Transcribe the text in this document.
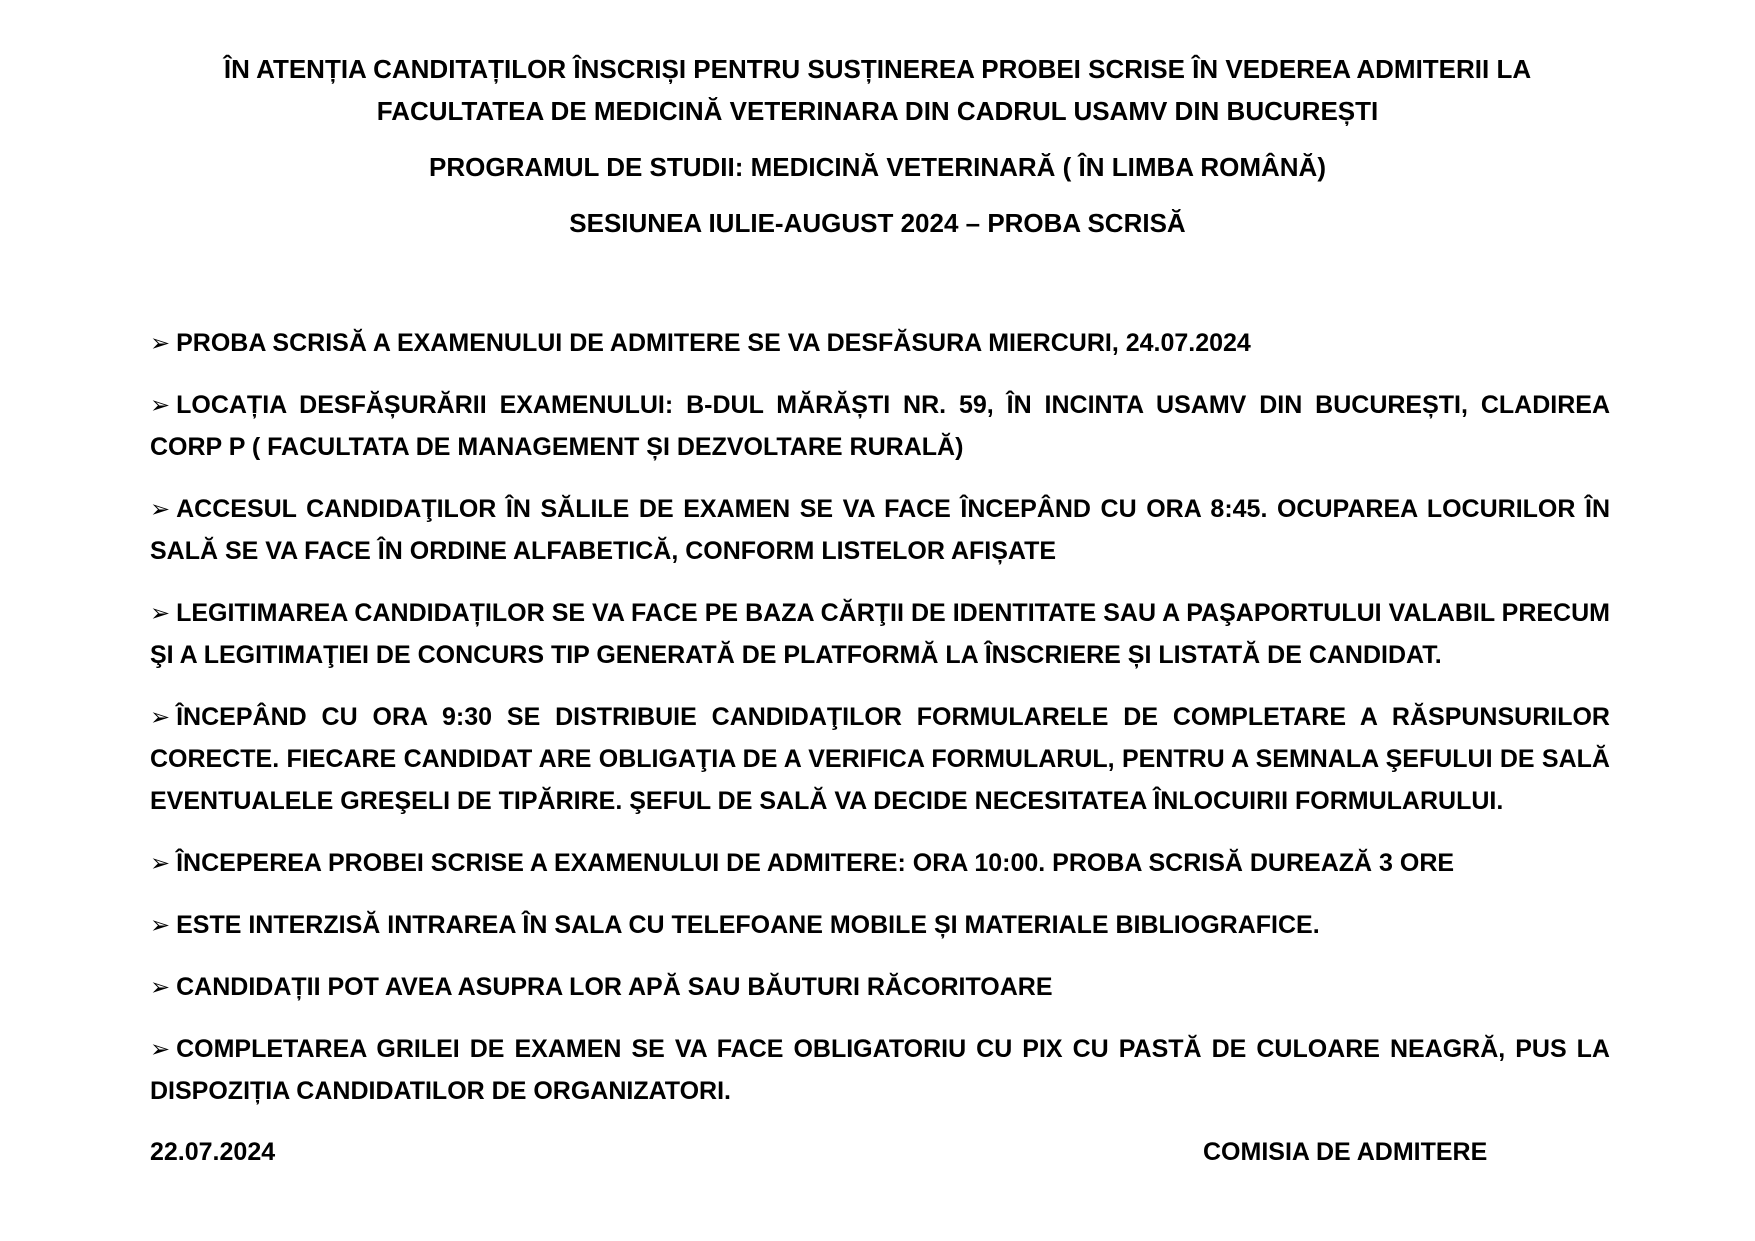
ÎN ATENȚIA CANDITAȚILOR ÎNSCRIȘI PENTRU SUSȚINEREA PROBEI SCRISE ÎN VEDEREA ADMITERII LA
FACULTATEA DE MEDICINĂ VETERINARA DIN CADRUL USAMV DIN BUCUREȘTI
PROGRAMUL DE STUDII: MEDICINĂ VETERINARĂ ( ÎN LIMBA ROMÂNĂ)
SESIUNEA IULIE-AUGUST 2024 – PROBA SCRISĂ

➢ PROBA SCRISĂ A EXAMENULUI DE ADMITERE SE VA DESFĂSURA MIERCURI, 24.07.2024

➢ LOCAȚIA DESFĂȘURĂRII EXAMENULUI: B-DUL MĂRĂȘTI NR. 59, ÎN INCINTA USAMV DIN BUCUREȘTI, CLADIREA CORP P ( FACULTATA DE MANAGEMENT ȘI DEZVOLTARE RURALĂ)

➢ ACCESUL CANDIDAŢILOR ÎN SĂLILE DE EXAMEN SE VA FACE ÎNCEPÂND CU ORA 8:45. OCUPAREA LOCURILOR ÎN SALĂ SE VA FACE ÎN ORDINE ALFABETICĂ, CONFORM LISTELOR AFIȘATE

➢ LEGITIMAREA CANDIDAȚILOR SE VA FACE PE BAZA CĂRŢII DE IDENTITATE SAU A PAŞAPORTULUI VALABIL PRECUM ŞI A LEGITIMAŢIEI DE CONCURS TIP GENERATĂ DE PLATFORMĂ LA ÎNSCRIERE ȘI LISTATĂ DE CANDIDAT.

➢ ÎNCEPÂND CU ORA 9:30 SE DISTRIBUIE CANDIDAŢILOR FORMULARELE DE COMPLETARE A RĂSPUNSURILOR CORECTE. FIECARE CANDIDAT ARE OBLIGAŢIA DE A VERIFICA FORMULARUL, PENTRU A SEMNALA ŞEFULUI DE SALĂ EVENTUALELE GREŞELI DE TIPĂRIRE. ŞEFUL DE SALĂ VA DECIDE NECESITATEA ÎNLOCUIRII FORMULARULUI.

➢ ÎNCEPEREA PROBEI SCRISE A EXAMENULUI DE ADMITERE: ORA 10:00. PROBA SCRISĂ DUREAZĂ 3 ORE

➢ ESTE INTERZISĂ INTRAREA ÎN SALA CU TELEFOANE MOBILE ȘI MATERIALE BIBLIOGRAFICE.

➢ CANDIDAȚII POT AVEA ASUPRA LOR APĂ SAU BĂUTURI RĂCORITOARE

➢ COMPLETAREA GRILEI DE EXAMEN SE VA FACE OBLIGATORIU CU PIX CU PASTĂ DE CULOARE NEAGRĂ, PUS LA DISPOZIȚIA CANDIDATILOR DE ORGANIZATORI.

22.07.2024	COMISIA DE ADMITERE
